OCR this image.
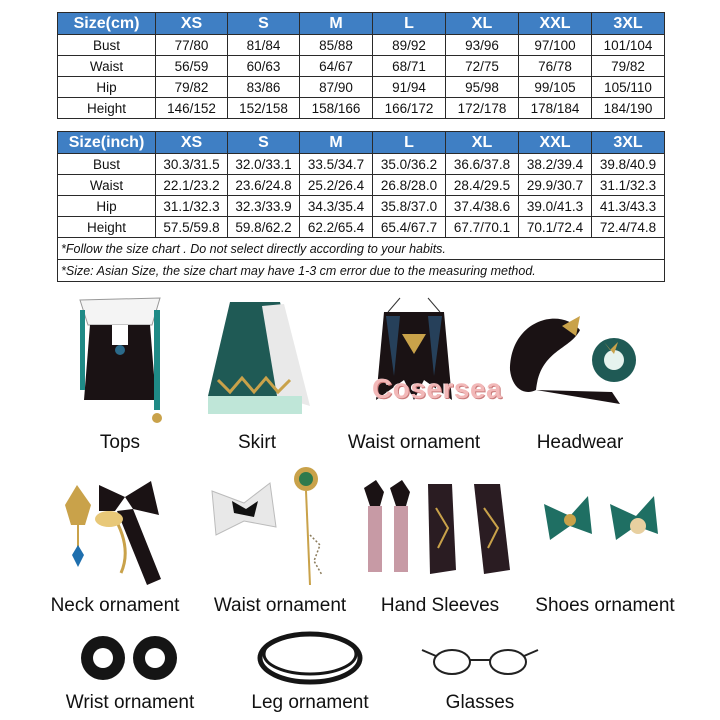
Size(cm)	XS	S	M	L	XL	XXL	3XL
Bust	77/80	81/84	85/88	89/92	93/96	97/100	101/104
Waist	56/59	60/63	64/67	68/71	72/75	76/78	79/82
Hip	79/82	83/86	87/90	91/94	95/98	99/105	105/110
Height	146/152	152/158	158/166	166/172	172/178	178/184	184/190
Size(inch)	XS	S	M	L	XL	XXL	3XL
Bust	30.3/31.5	32.0/33.1	33.5/34.7	35.0/36.2	36.6/37.8	38.2/39.4	39.8/40.9
Waist	22.1/23.2	23.6/24.8	25.2/26.4	26.8/28.0	28.4/29.5	29.9/30.7	31.1/32.3
Hip	31.1/32.3	32.3/33.9	34.3/35.4	35.8/37.0	37.4/38.6	39.0/41.3	41.3/43.3
Height	57.5/59.8	59.8/62.2	62.2/65.4	65.4/67.7	67.7/70.1	70.1/72.4	72.4/74.8
*Follow the size chart . Do not select directly according to your habits.							
*Size: Asian Size, the size chart may have 1-3 cm error due to the measuring method.							
Tops	Skirt	Waist ornament	Headwear
Cosersea
Neck ornament	Waist ornament	Hand Sleeves	Shoes ornament
Wrist ornament	Leg ornament	Glasses
